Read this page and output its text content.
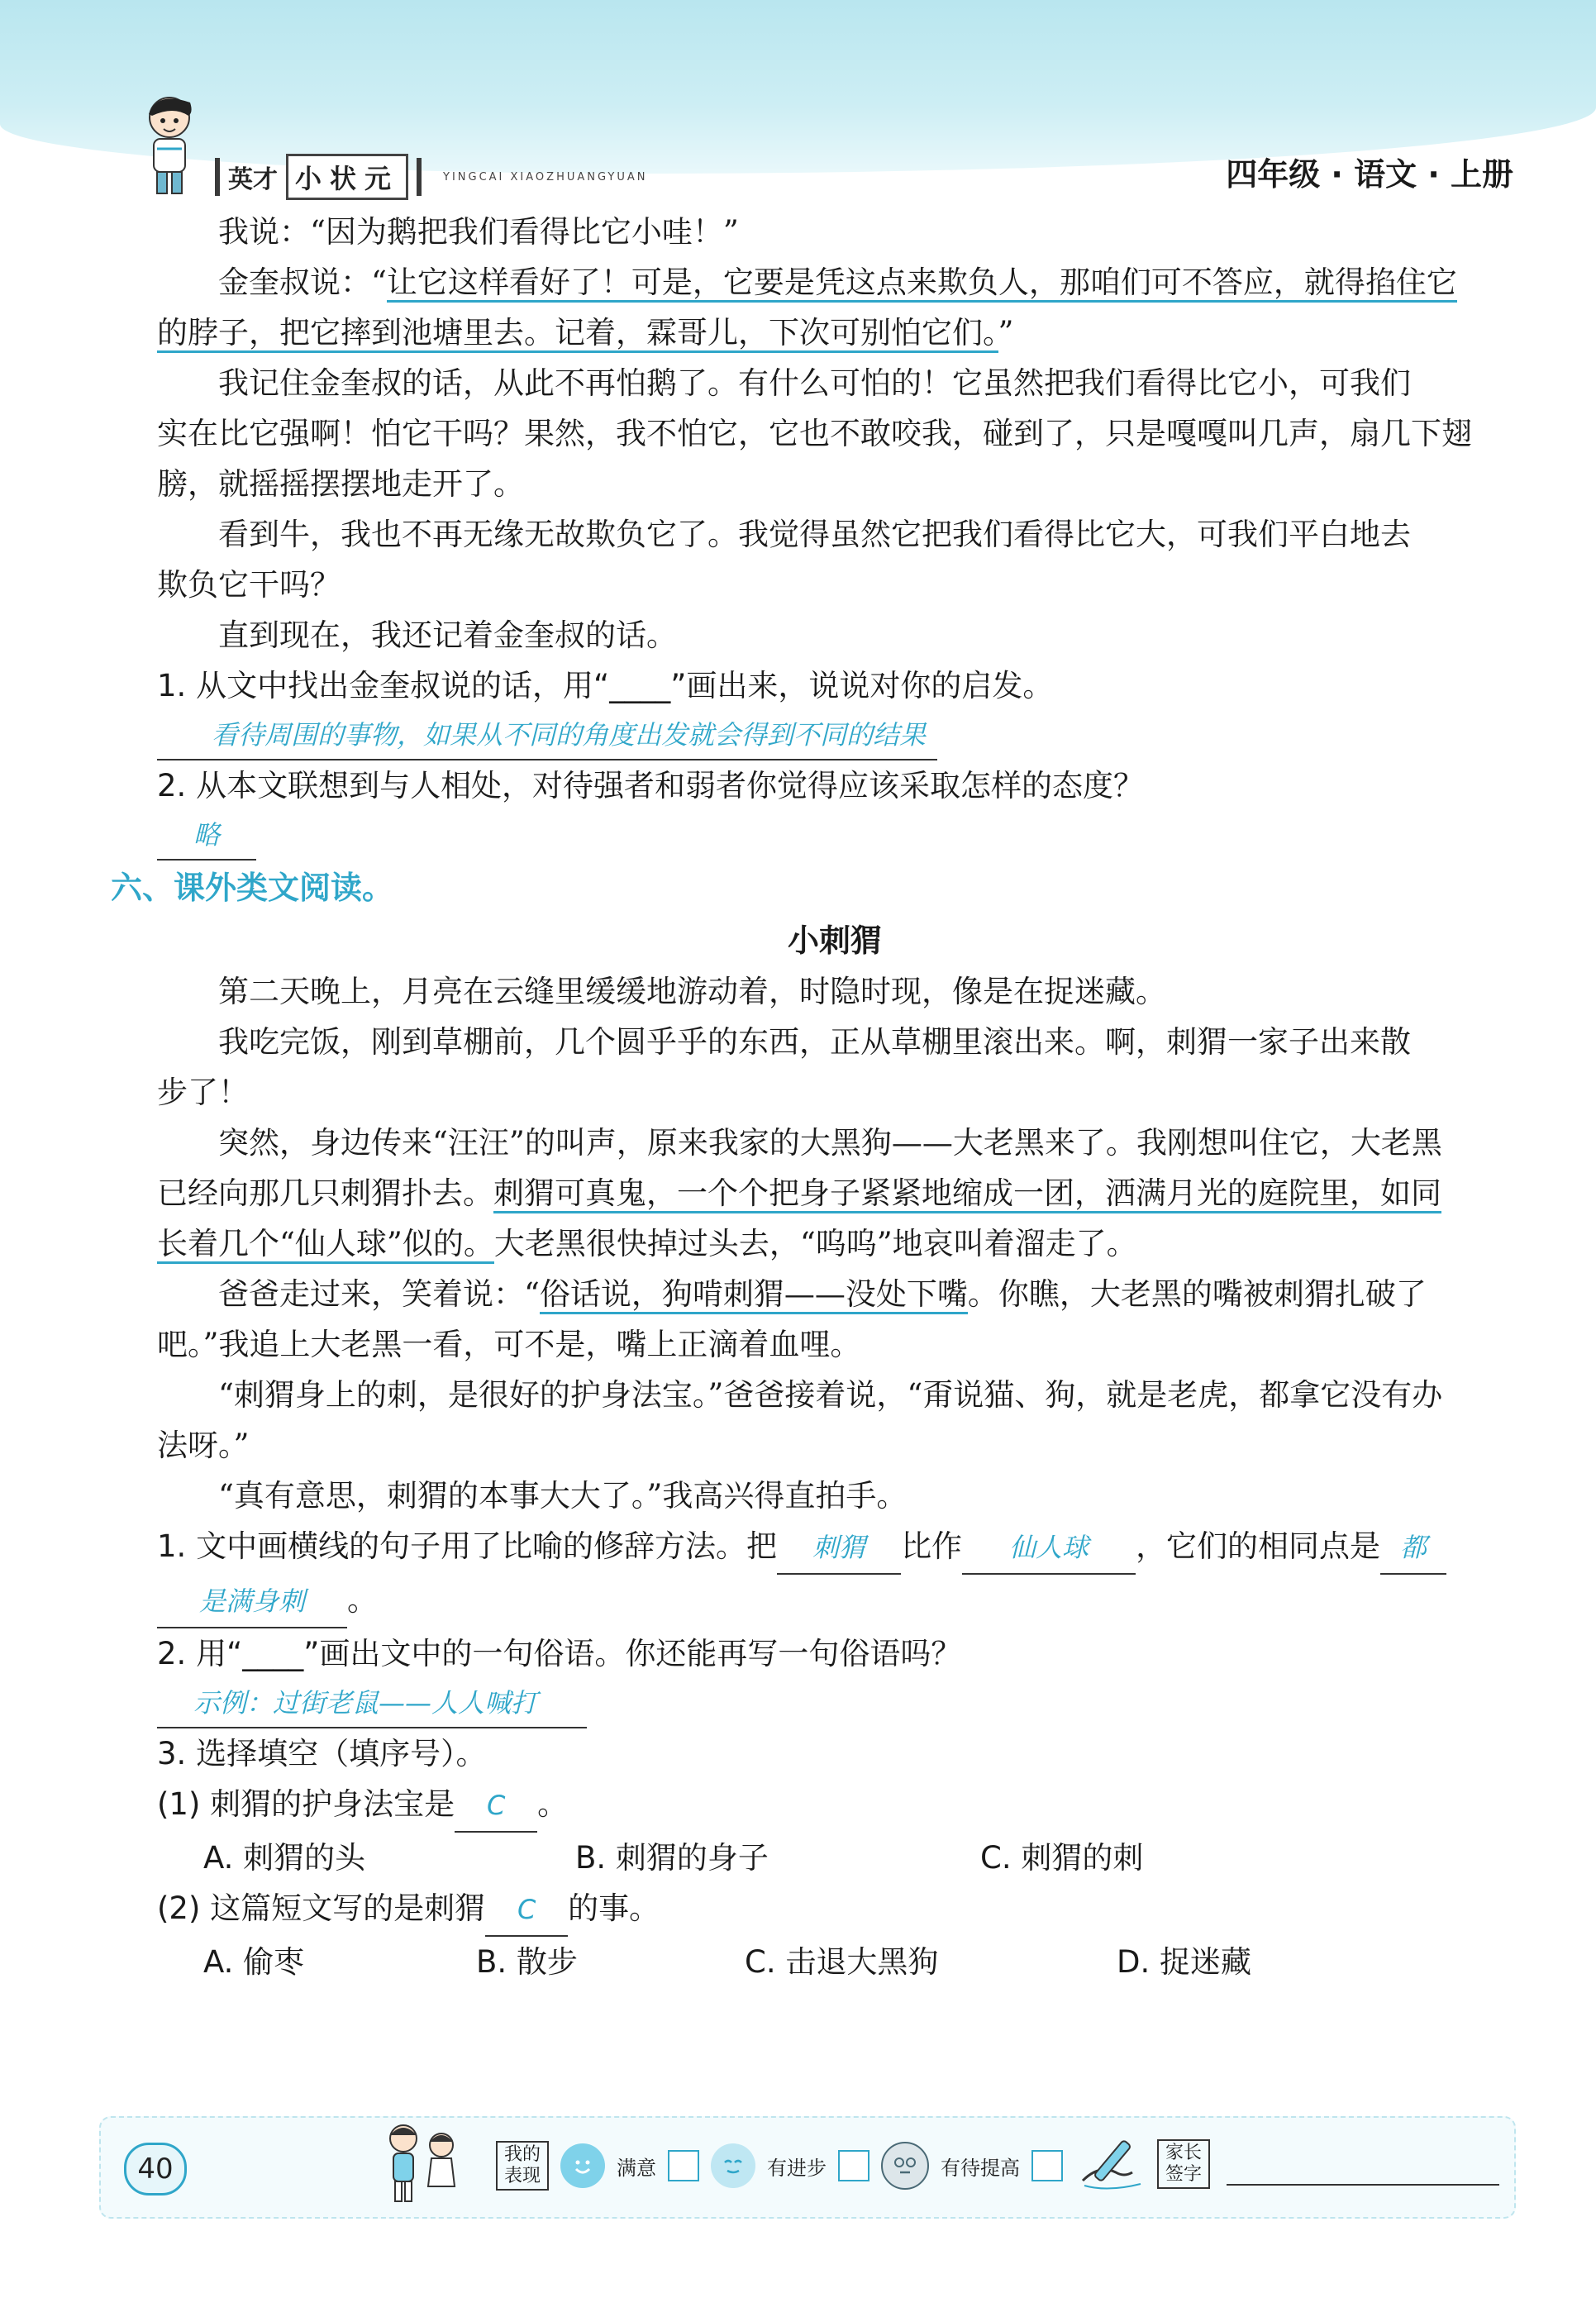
英才 小状元	YINGCAI XIAOZHUANGYUAN	四年级 · 语文 · 上册

我说：“因为鹅把我们看得比它小哇！”

金奎叔说：“让它这样看好了！可是，它要是凭这点来欺负人，那咱们可不答应，就得掐住它

的脖子，把它摔到池塘里去。记着，霖哥儿，下次可别怕它们。”

我记住金奎叔的话，从此不再怕鹅了。有什么可怕的！它虽然把我们看得比它小，可我们

实在比它强啊！怕它干吗？果然，我不怕它，它也不敢咬我，碰到了，只是嘎嘎叫几声，扇几下翅

膀，就摇摇摆摆地走开了。

看到牛，我也不再无缘无故欺负它了。我觉得虽然它把我们看得比它大，可我们平白地去

欺负它干吗？

直到现在，我还记着金奎叔的话。

1. 从文中找出金奎叔说的话，用“____”画出来，说说对你的启发。

看待周围的事物，如果从不同的角度出发就会得到不同的结果

2. 从本文联想到与人相处，对待强者和弱者你觉得应该采取怎样的态度？

略

六、课外类文阅读。

小刺猬

第二天晚上，月亮在云缝里缓缓地游动着，时隐时现，像是在捉迷藏。

我吃完饭，刚到草棚前，几个圆乎乎的东西，正从草棚里滚出来。啊，刺猬一家子出来散

步了！

突然，身边传来“汪汪”的叫声，原来我家的大黑狗——大老黑来了。我刚想叫住它，大老黑

已经向那几只刺猬扑去。刺猬可真鬼，一个个把身子紧紧地缩成一团，洒满月光的庭院里，如同

长着几个“仙人球”似的。大老黑很快掉过头去，“呜呜”地哀叫着溜走了。

爸爸走过来，笑着说：“俗话说，狗啃刺猬——没处下嘴。你瞧，大老黑的嘴被刺猬扎破了

吧。”我追上大老黑一看，可不是，嘴上正滴着血哩。

“刺猬身上的刺，是很好的护身法宝。”爸爸接着说，“甭说猫、狗，就是老虎，都拿它没有办

法呀。”

“真有意思，刺猬的本事大大了。”我高兴得直拍手。

1. 文中画横线的句子用了比喻的修辞方法。把 刺猬 比作 仙人球 ，它们的相同点是 都

是满身刺 。

2. 用“____”画出文中的一句俗语。你还能再写一句俗语吗？

示例：过街老鼠——人人喊打

3. 选择填空（填序号）。

(1) 刺猬的护身法宝是 C 。

A. 刺猬的头	B. 刺猬的身子	C. 刺猬的刺

(2) 这篇短文写的是刺猬 C 的事。

A. 偷枣	B. 散步	C. 击退大黑狗	D. 捉迷藏
40	我的表现	满意	有进步	有待提高
家长签字
